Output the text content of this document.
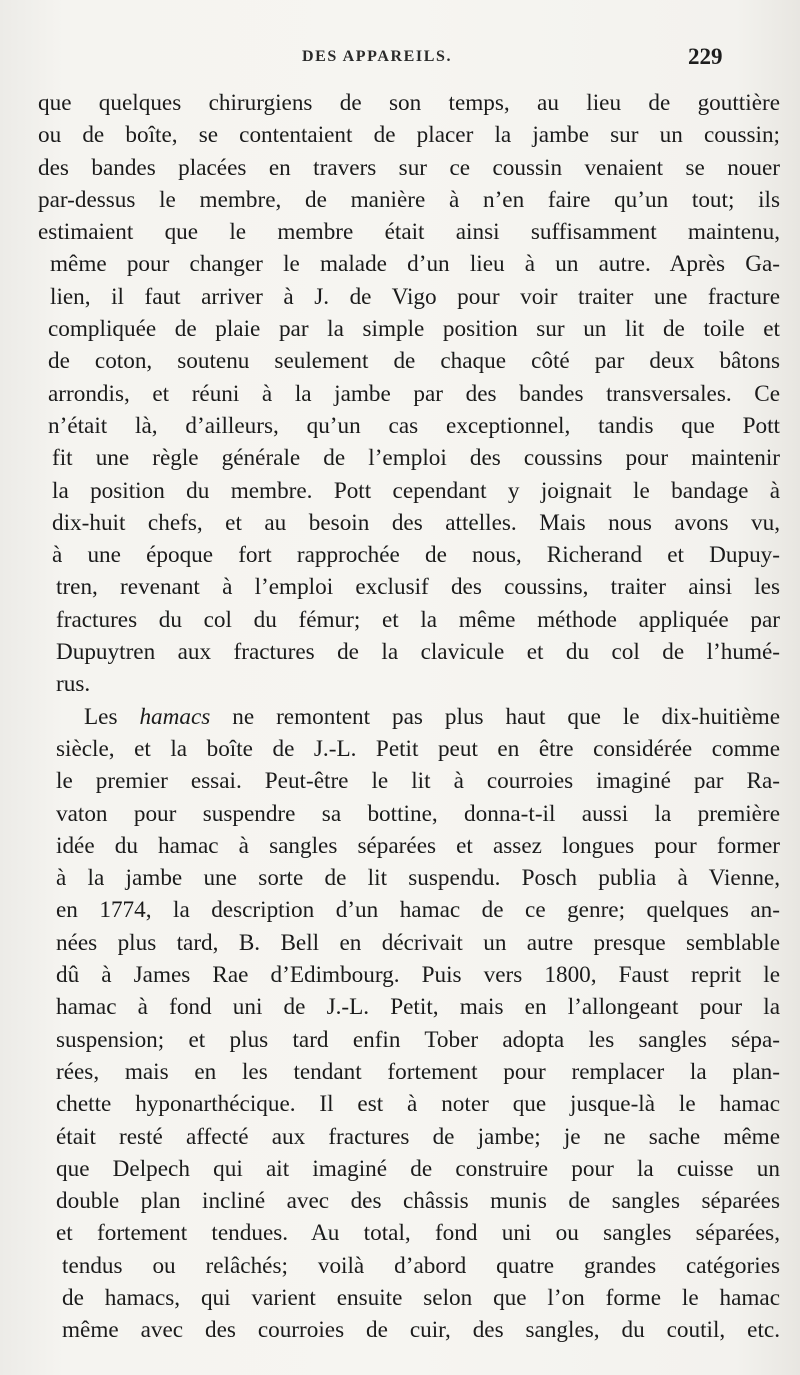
DES APPAREILS.	229
que quelques chirurgiens de son temps, au lieu de gouttière
ou de boîte, se contentaient de placer la jambe sur un coussin;
des bandes placées en travers sur ce coussin venaient se nouer
par-dessus le membre, de manière à n’en faire qu’un tout; ils
estimaient que le membre était ainsi suffisamment maintenu,
même pour changer le malade d’un lieu à un autre. Après Ga-
lien, il faut arriver à J. de Vigo pour voir traiter une fracture
compliquée de plaie par la simple position sur un lit de toile et
de coton, soutenu seulement de chaque côté par deux bâtons
arrondis, et réuni à la jambe par des bandes transversales. Ce
n’était là, d’ailleurs, qu’un cas exceptionnel, tandis que Pott
fit une règle générale de l’emploi des coussins pour maintenir
la position du membre. Pott cependant y joignait le bandage à
dix-huit chefs, et au besoin des attelles. Mais nous avons vu,
à une époque fort rapprochée de nous, Richerand et Dupuy-
tren, revenant à l’emploi exclusif des coussins, traiter ainsi les
fractures du col du fémur; et la même méthode appliquée par
Dupuytren aux fractures de la clavicule et du col de l’humé-
rus.
Les hamacs ne remontent pas plus haut que le dix-huitième
siècle, et la boîte de J.-L. Petit peut en être considérée comme
le premier essai. Peut-être le lit à courroies imaginé par Ra-
vaton pour suspendre sa bottine, donna-t-il aussi la première
idée du hamac à sangles séparées et assez longues pour former
à la jambe une sorte de lit suspendu. Posch publia à Vienne,
en 1774, la description d’un hamac de ce genre; quelques an-
nées plus tard, B. Bell en décrivait un autre presque semblable
dû à James Rae d’Edimbourg. Puis vers 1800, Faust reprit le
hamac à fond uni de J.-L. Petit, mais en l’allongeant pour la
suspension; et plus tard enfin Tober adopta les sangles sépa-
rées, mais en les tendant fortement pour remplacer la plan-
chette hyponarthécique. Il est à noter que jusque-là le hamac
était resté affecté aux fractures de jambe; je ne sache même
que Delpech qui ait imaginé de construire pour la cuisse un
double plan incliné avec des châssis munis de sangles séparées
et fortement tendues. Au total, fond uni ou sangles séparées,
tendus ou relâchés; voilà d’abord quatre grandes catégories
de hamacs, qui varient ensuite selon que l’on forme le hamac
même avec des courroies de cuir, des sangles, du coutil, etc.
